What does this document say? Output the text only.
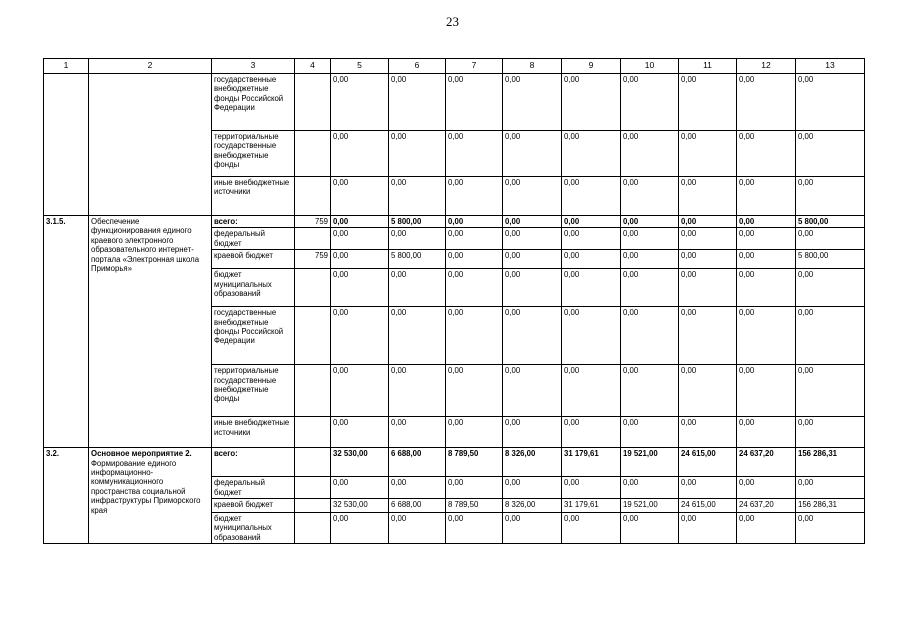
23
1	2	3	4	5	6	7	8	9	10	11	12	13
		государственные внебюджетные фонды Российской Федерации		0,00	0,00	0,00	0,00	0,00	0,00	0,00	0,00	0,00
		территориальные государственные внебюджетные фонды		0,00	0,00	0,00	0,00	0,00	0,00	0,00	0,00	0,00
		иные внебюджетные источники		0,00	0,00	0,00	0,00	0,00	0,00	0,00	0,00	0,00
3.1.5.	Обеспечение функционирования единого краевого электронного образовательного интернет-портала «Электронная школа Приморья»	всего:	759	0,00	5 800,00	0,00	0,00	0,00	0,00	0,00	0,00	5 800,00
		федеральный бюджет		0,00	0,00	0,00	0,00	0,00	0,00	0,00	0,00	0,00
		краевой бюджет	759	0,00	5 800,00	0,00	0,00	0,00	0,00	0,00	0,00	5 800,00
		бюджет муниципальных образований		0,00	0,00	0,00	0,00	0,00	0,00	0,00	0,00	0,00
		государственные внебюджетные фонды Российской Федерации		0,00	0,00	0,00	0,00	0,00	0,00	0,00	0,00	0,00
		территориальные государственные внебюджетные фонды		0,00	0,00	0,00	0,00	0,00	0,00	0,00	0,00	0,00
		иные внебюджетные источники		0,00	0,00	0,00	0,00	0,00	0,00	0,00	0,00	0,00
3.2.	Основное мероприятие 2. Формирование единого информационно-коммуникационного пространства социальной инфраструктуры Приморского края	всего:		32 530,00	6 688,00	8 789,50	8 326,00	31 179,61	19 521,00	24 615,00	24 637,20	156 286,31
		федеральный бюджет		0,00	0,00	0,00	0,00	0,00	0,00	0,00	0,00	0,00
		краевой бюджет		32 530,00	6 688,00	8 789,50	8 326,00	31 179,61	19 521,00	24 615,00	24 637,20	156 286,31
		бюджет муниципальных образований		0,00	0,00	0,00	0,00	0,00	0,00	0,00	0,00	0,00
